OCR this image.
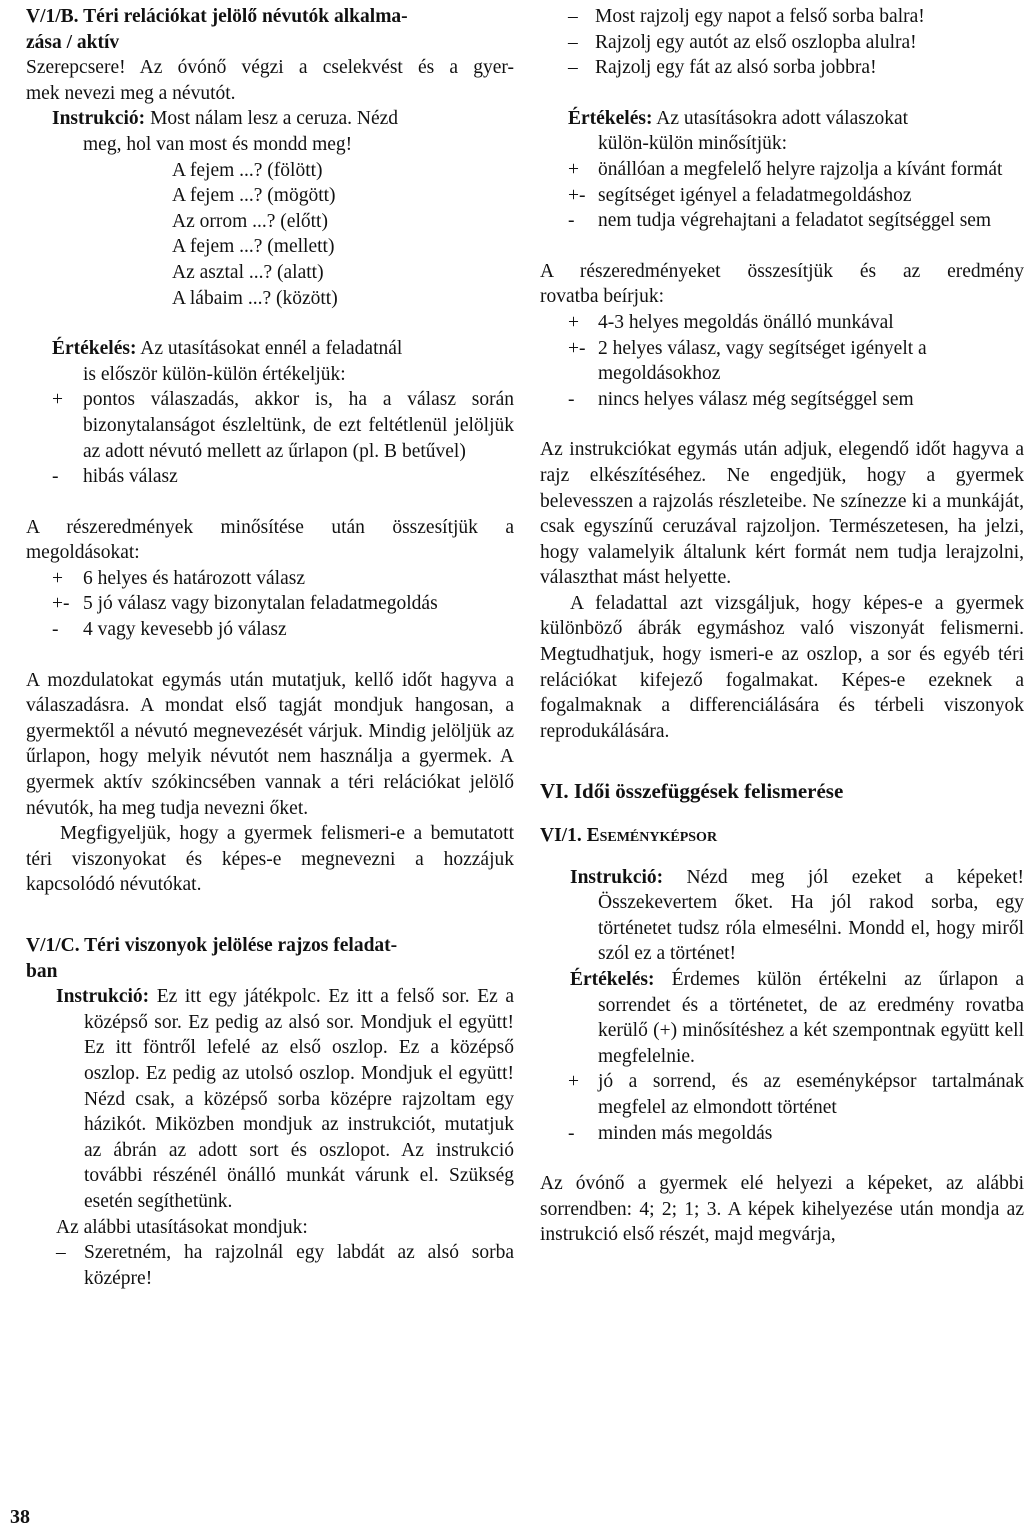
V/1/B. Téri relációkat jelölő névutók alkalma-
zása / aktív
Szerepcsere! Az óvónő végzi a cselekvést és a gyer-
mek nevezi meg a névutót.
Instrukció: Most nálam lesz a ceruza. Nézd
meg, hol van most és mondd meg!
A fejem ...? (fölött)
A fejem ...? (mögött)
Az orrom ...? (előtt)
A fejem ...? (mellett)
Az asztal ...? (alatt)
A lábaim ...? (között)
Értékelés: Az utasításokat ennél a feladatnál
is először külön-külön értékeljük:
+	pontos válaszadás, akkor is, ha a válasz során bizonytalanságot észleltünk, de ezt feltétlenül jelöljük az adott névutó mellett az űrlapon (pl. B betűvel)
-	hibás válasz
A részeredmények minősítése után összesítjük a
megoldásokat:
+	6 helyes és határozott válasz
+- 5 jó válasz vagy bizonytalan feladatmegoldás
-	4 vagy kevesebb jó válasz

A mozdulatokat egymás után mutatjuk, kellő időt hagyva a válaszadásra. A mondat első tagját mondjuk hangosan, a gyermektől a névutó megnevezését várjuk. Mindig jelöljük az űrlapon, hogy melyik névutót nem használja a gyermek. A gyermek aktív szókincsében vannak a téri relációkat jelölő névutók, ha meg tudja nevezni őket.

Megfigyeljük, hogy a gyermek felismeri-e a bemutatott téri viszonyokat és képes-e megnevezni a hozzájuk kapcsolódó névutókat.

V/1/C. Téri viszonyok jelölése rajzos feladat-
ban

Instrukció: Ez itt egy játékpolc. Ez itt a felső sor. Ez a középső sor. Ez pedig az alsó sor. Mondjuk el együtt! Ez itt föntről lefelé az első oszlop. Ez a középső oszlop. Ez pedig az utolsó oszlop. Mondjuk el együtt! Nézd csak, a középső sorba középre rajzoltam egy házikót. Miközben mondjuk az instrukciót, mutatjuk az ábrán az adott sort és oszlopot. Az instrukció további részénél önálló munkát várunk el. Szükség esetén segíthetünk.

Az alábbi utasításokat mondjuk:
– Szeretném, ha rajzolnál egy labdát az alsó sorba középre!
– Most rajzolj egy napot a felső sorba balra!
– Rajzolj egy autót az első oszlopba alulra!
– Rajzolj egy fát az alsó sorba jobbra!
Értékelés: Az utasításokra adott válaszokat
külön-külön minősítjük:
+ önállóan a megfelelő helyre rajzolja a kívánt formát
+- segítséget igényel a feladatmegoldáshoz
-	nem tudja végrehajtani a feladatot segítséggel sem
A részeredményeket összesítjük és az eredmény
rovatba beírjuk:
+ 4-3 helyes megoldás önálló munkával
+- 2 helyes válasz, vagy segítséget igényelt a megoldásokhoz
-	nincs helyes válasz még segítséggel sem

Az instrukciókat egymás után adjuk, elegendő időt hagyva a rajz elkészítéséhez. Ne engedjük, hogy a gyermek belevesszen a rajzolás részleteibe. Ne színezze ki a munkáját, csak egyszínű ceruzával rajzoljon. Természetesen, ha jelzi, hogy valamelyik általunk kért formát nem tudja lerajzolni, választhat mást helyette.

A feladattal azt vizsgáljuk, hogy képes-e a gyermek különböző ábrák egymáshoz való viszonyát felismerni. Megtudhatjuk, hogy ismeri-e az oszlop, a sor és egyéb téri relációkat kifejező fogalmakat. Képes-e ezeknek a fogalmaknak a differenciálására és térbeli viszonyok reprodukálására.

VI. Idői összefüggések felismerése
VI/1. Eseményképsor

Instrukció: Nézd meg jól ezeket a képeket! Összekevertem őket. Ha jól rakod sorba, egy történetet tudsz róla elmesélni. Mondd el, hogy miről szól ez a történet!

Értékelés: Érdemes külön értékelni az űrlapon a sorrendet és a történetet, de az eredmény rovatba kerülő (+) minősítéshez a két szempontnak együtt kell megfelelnie.

+ jó a sorrend, és az eseményképsor tartalmának megfelel az elmondott történet
-	minden más megoldás

Az óvónő a gyermek elé helyezi a képeket, az alábbi sorrendben: 4; 2; 1; 3. A képek kihelyezése után mondja az instrukció első részét, majd megvárja,

38
